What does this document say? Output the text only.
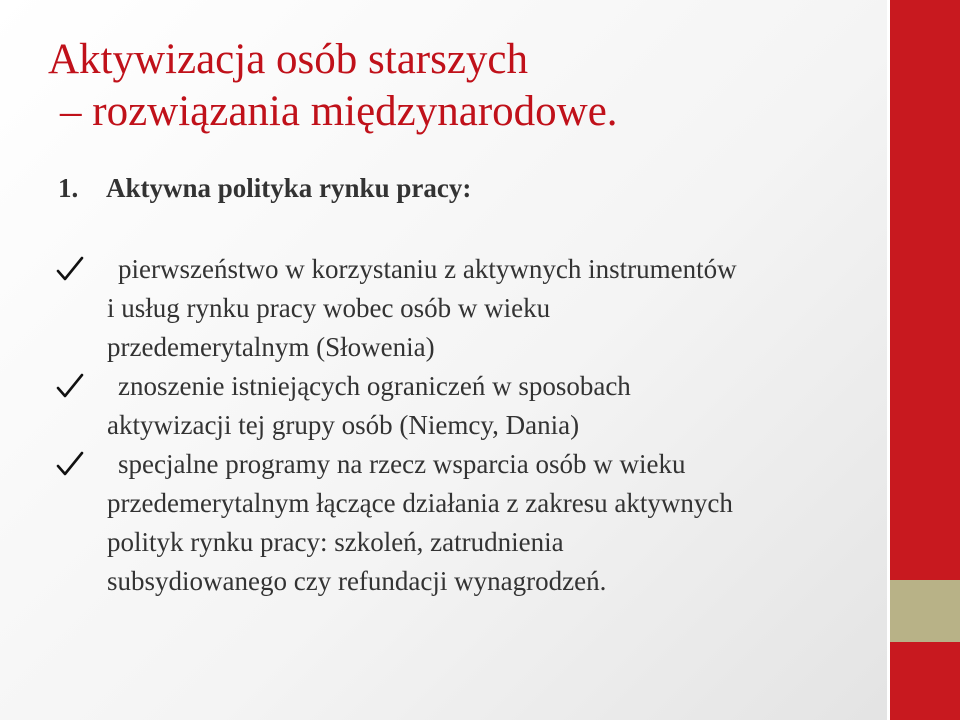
Aktywizacja osób starszych
– rozwiązania międzynarodowe.
1. Aktywna polityka rynku pracy:
pierwszeństwo w korzystaniu z aktywnych instrumentów
i usług rynku pracy wobec osób w wieku
przedemerytalnym (Słowenia)
znoszenie istniejących ograniczeń w sposobach
aktywizacji tej grupy osób (Niemcy, Dania)
specjalne programy na rzecz wsparcia osób w wieku
przedemerytalnym łączące działania z zakresu aktywnych
polityk rynku pracy: szkoleń, zatrudnienia
subsydiowanego czy refundacji wynagrodzeń.
